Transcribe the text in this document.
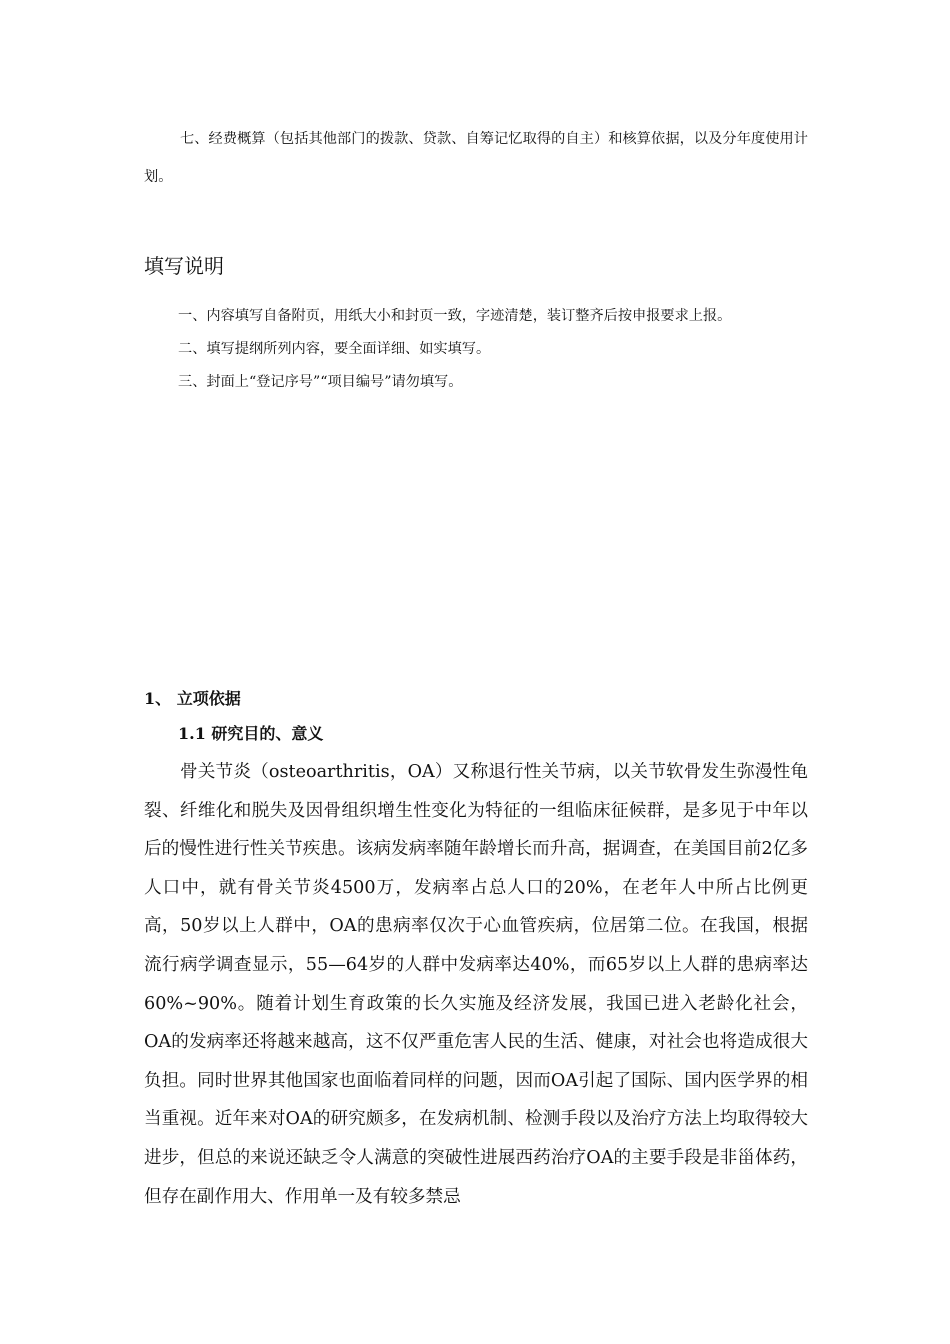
七、经费概算（包括其他部门的拨款、贷款、自筹记忆取得的自主）和核算依据，以及分年度使用计划。

填写说明
一、内容填写自备附页，用纸大小和封页一致，字迹清楚，装订整齐后按申报要求上报。
二、填写提纲所列内容，要全面详细、如实填写。
三、封面上“登记序号”“项目编号”请勿填写。
1、 立项依据
1.1 研究目的、意义

骨关节炎（osteoarthritis，OA）又称退行性关节病，以关节软骨发生弥漫性龟裂、纤维化和脱失及因骨组织增生性变化为特征的一组临床征候群，是多见于中年以后的慢性进行性关节疾患。该病发病率随年龄增长而升高，据调查，在美国目前2亿多人口中，就有骨关节炎4500万，发病率占总人口的20%，在老年人中所占比例更高，50岁以上人群中，OA的患病率仅次于心血管疾病，位居第二位。在我国，根据流行病学调查显示，55—64岁的人群中发病率达40%，而65岁以上人群的患病率达60%~90%。随着计划生育政策的长久实施及经济发展，我国已进入老龄化社会，OA的发病率还将越来越高，这不仅严重危害人民的生活、健康，对社会也将造成很大负担。同时世界其他国家也面临着同样的问题，因而OA引起了国际、国内医学界的相当重视。近年来对OA的研究颇多，在发病机制、检测手段以及治疗方法上均取得较大进步，但总的来说还缺乏令人满意的突破性进展西药治疗OA的主要手段是非甾体药，但存在副作用大、作用单一及有较多禁忌
